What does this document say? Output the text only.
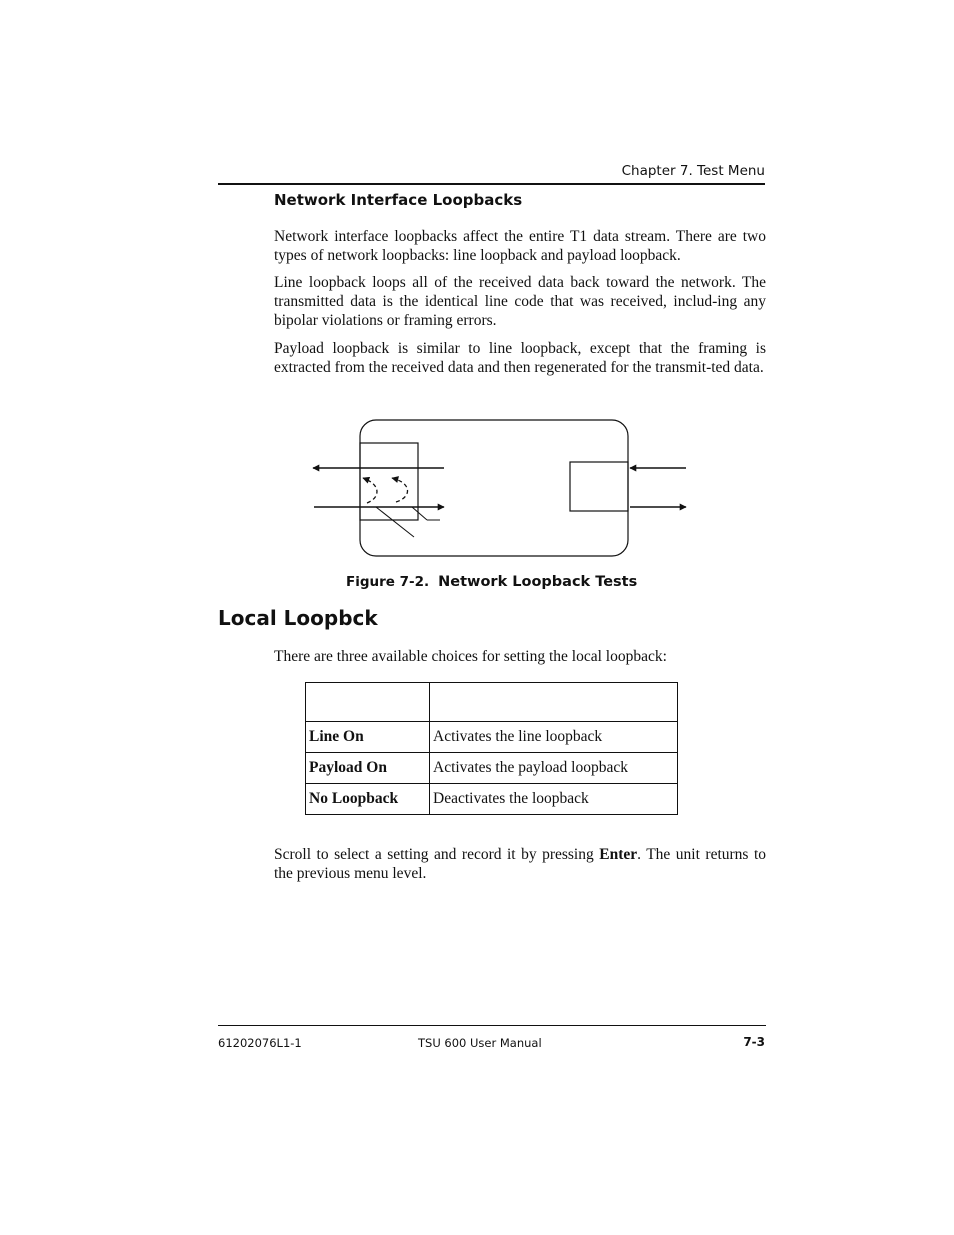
Chapter 7. Test Menu
Network Interface Loopbacks
Network interface loopbacks affect the entire T1 data stream. There are two types of network loopbacks: line loopback and payload loopback.
Line loopback loops all of the received data back toward the network. The transmitted data is the identical line code that was received, includ-ing any bipolar violations or framing errors.
Payload loopback is similar to line loopback, except that the framing is extracted from the received data and then regenerated for the transmit-ted data.
Figure 7-2. Network Loopback Tests
Local Loopbck
There are three available choices for setting the local loopback:

Line On	Activates the line loopback
Payload On	Activates the payload loopback
No Loopback	Deactivates the loopback
Scroll to select a setting and record it by pressing Enter. The unit returns to the previous menu level.
61202076L1-1	TSU 600 User Manual	7-3
